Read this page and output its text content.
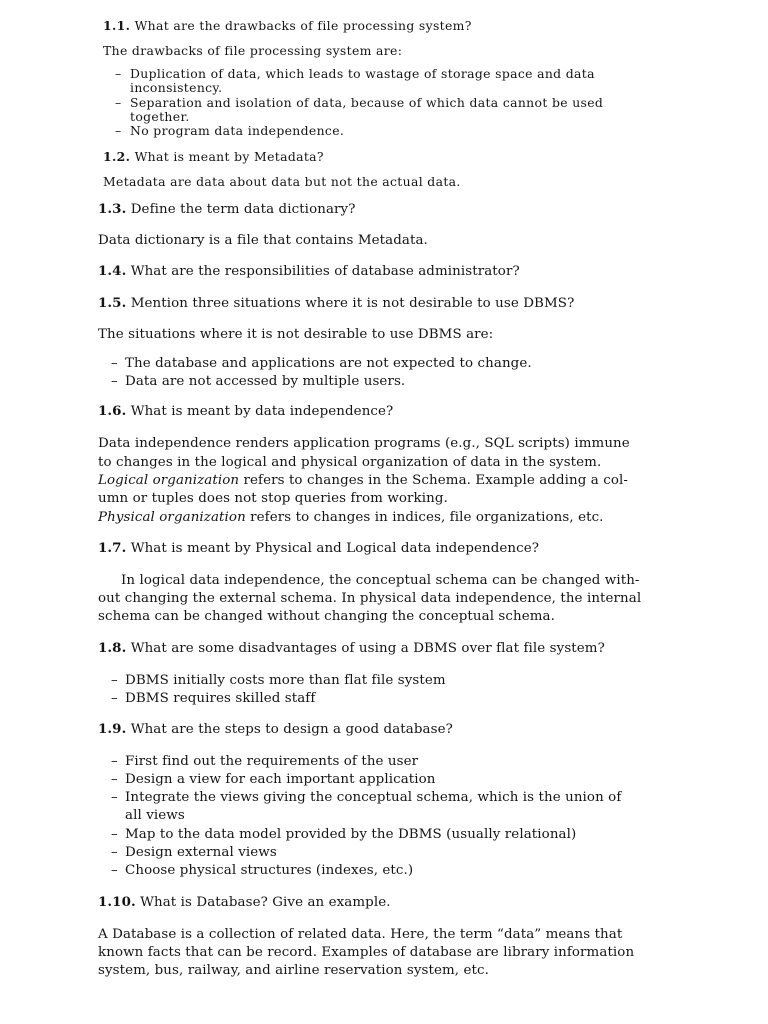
1.1. What are the drawbacks of file processing system?

The drawbacks of file processing system are:

– Duplication of data, which leads to wastage of storage space and data

inconsistency.

– Separation and isolation of data, because of which data cannot be used

together.

– No program data independence.

1.2. What is meant by Metadata?

Metadata are data about data but not the actual data.

1.3. Define the term data dictionary?

Data dictionary is a file that contains Metadata.

1.4. What are the responsibilities of database administrator?

1.5. Mention three situations where it is not desirable to use DBMS?

The situations where it is not desirable to use DBMS are:

– The database and applications are not expected to change.

– Data are not accessed by multiple users.

1.6. What is meant by data independence?

Data independence renders application programs (e.g., SQL scripts) immune

to changes in the logical and physical organization of data in the system.

Logical organization refers to changes in the Schema. Example adding a col-

umn or tuples does not stop queries from working.

Physical organization refers to changes in indices, file organizations, etc.

1.7. What is meant by Physical and Logical data independence?

In logical data independence, the conceptual schema can be changed with-

out changing the external schema. In physical data independence, the internal

schema can be changed without changing the conceptual schema.

1.8. What are some disadvantages of using a DBMS over flat file system?

– DBMS initially costs more than flat file system

– DBMS requires skilled staff

1.9. What are the steps to design a good database?

– First find out the requirements of the user

– Design a view for each important application

– Integrate the views giving the conceptual schema, which is the union of

all views

– Map to the data model provided by the DBMS (usually relational)

– Design external views

– Choose physical structures (indexes, etc.)

1.10. What is Database? Give an example.

A Database is a collection of related data. Here, the term “data” means that

known facts that can be record. Examples of database are library information

system, bus, railway, and airline reservation system, etc.
